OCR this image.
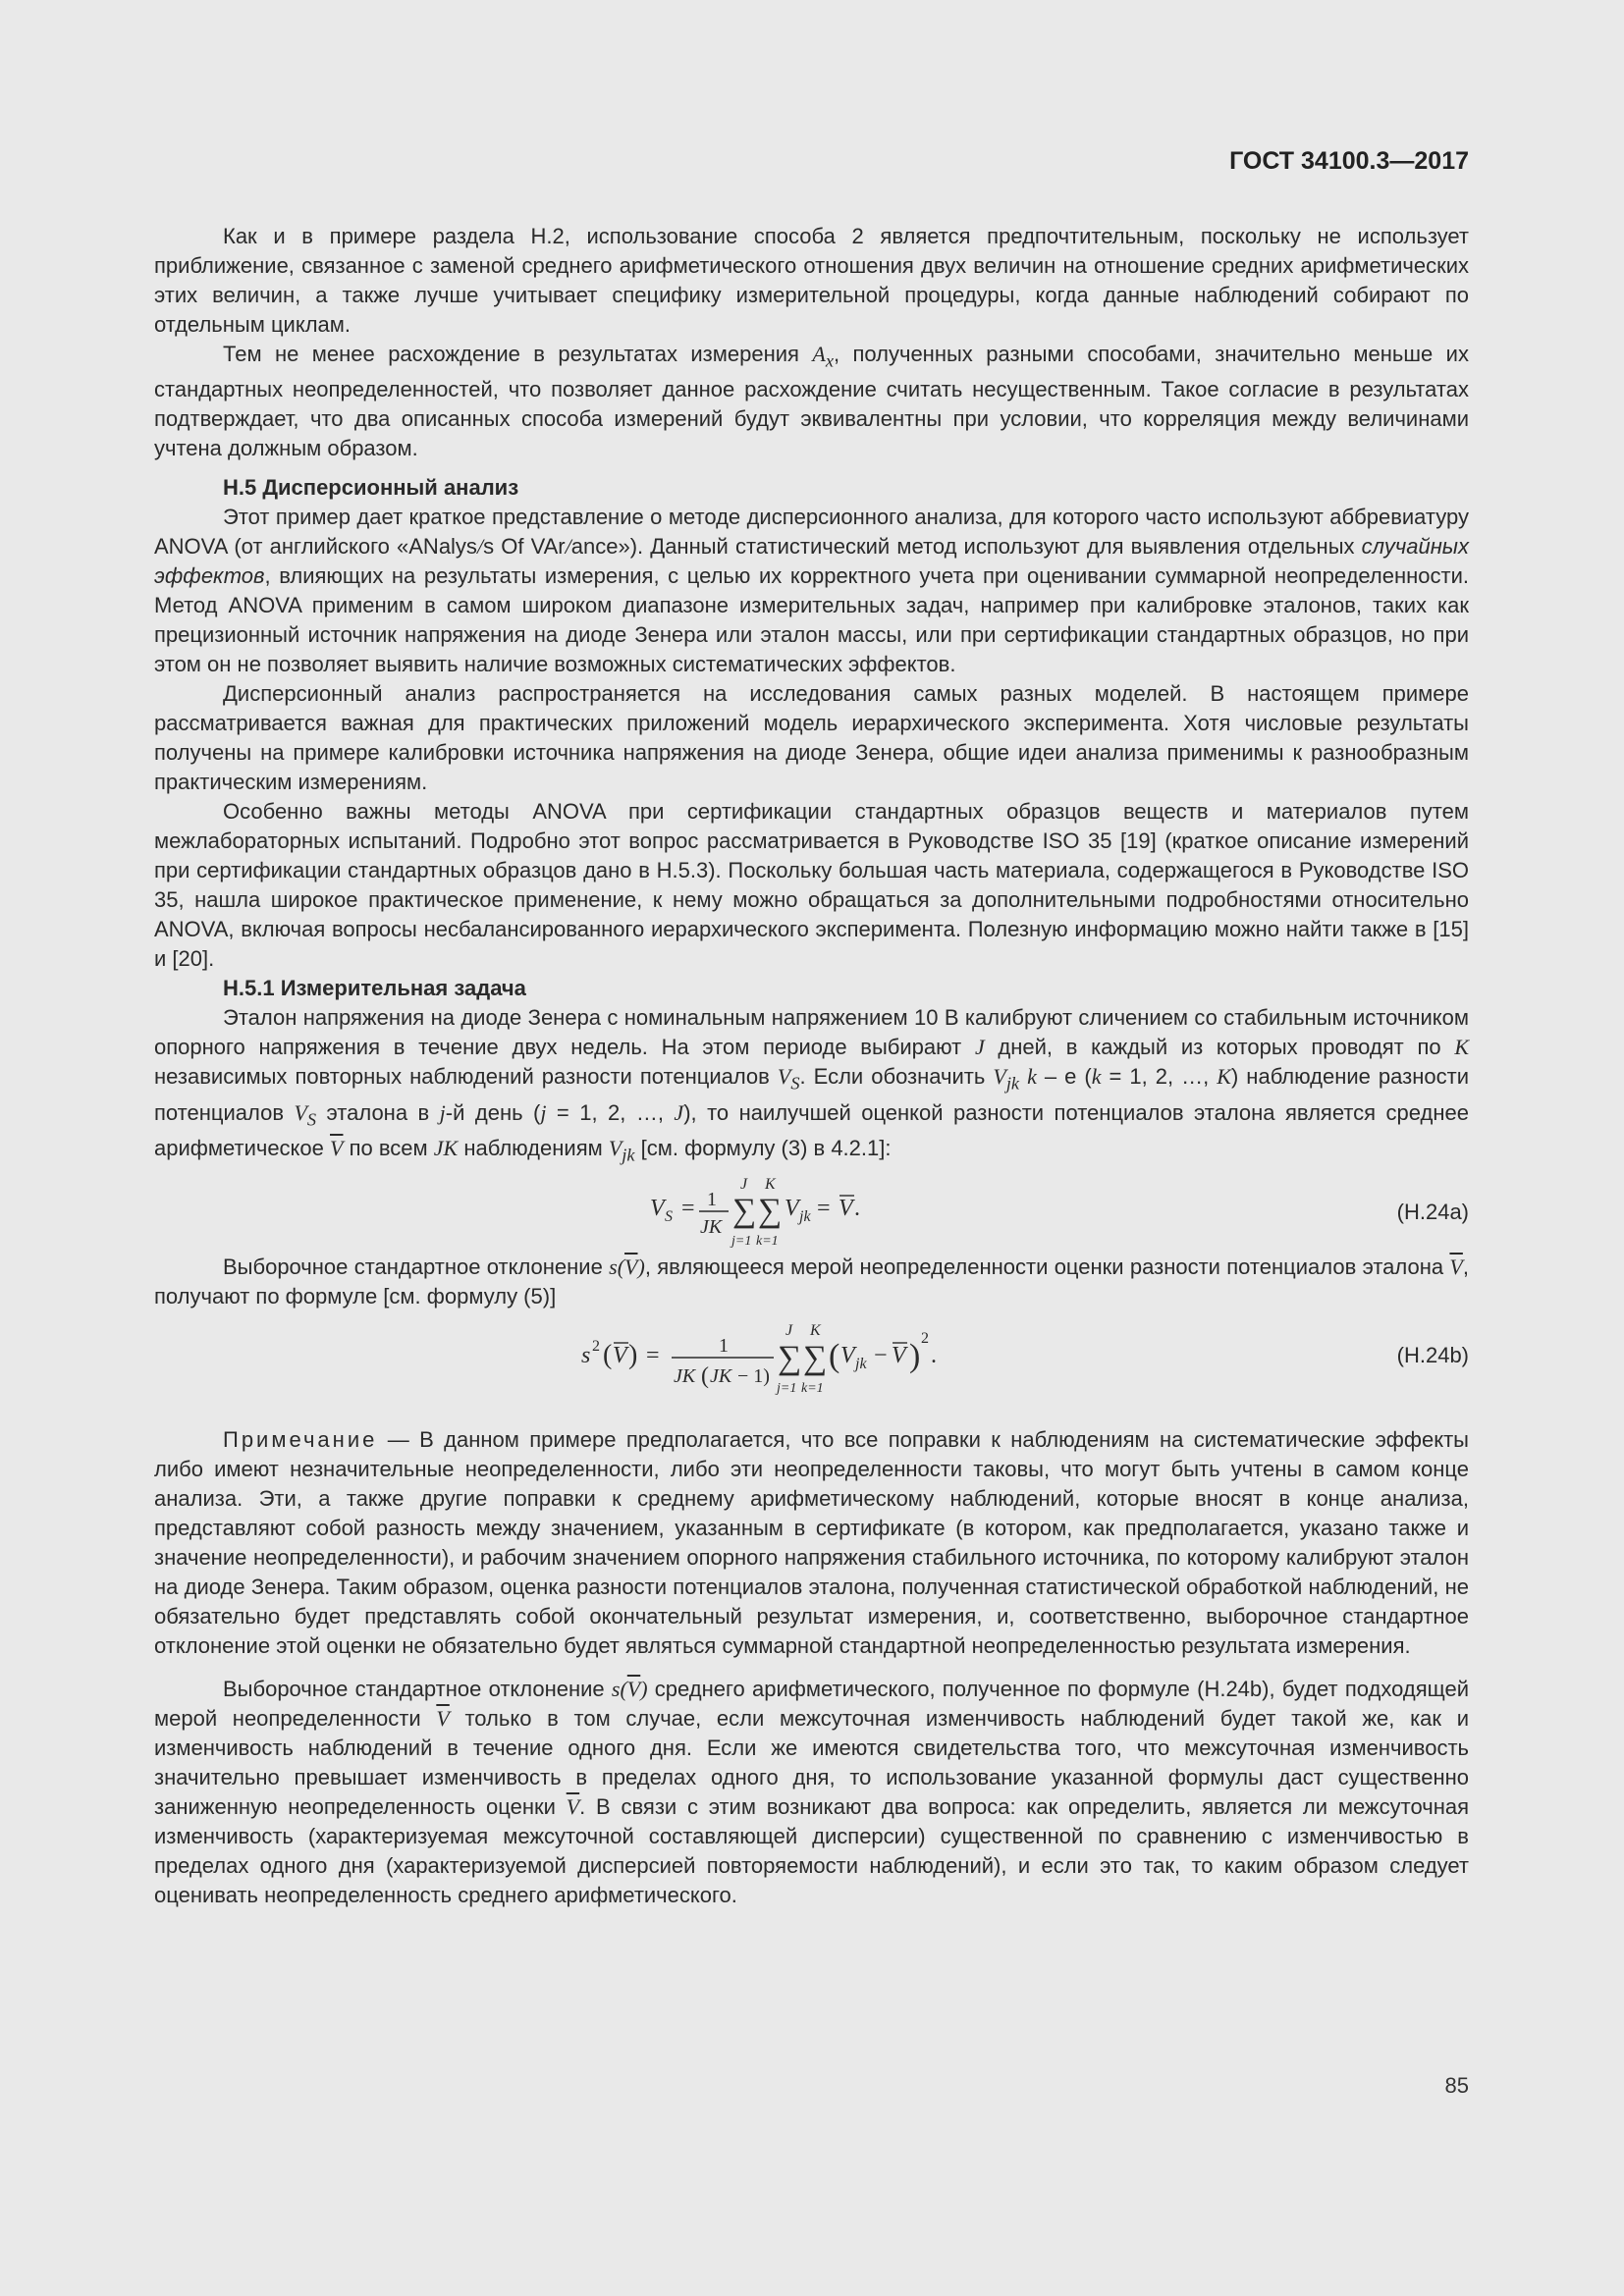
ГОСТ 34100.3—2017

Как и в примере раздела Н.2, использование способа 2 является предпочтительным, поскольку не использует приближение, связанное с заменой среднего арифметического отношения двух величин на отношение средних арифметических этих величин, а также лучше учитывает специфику измерительной процедуры, когда данные наблюдений собирают по отдельным циклам.

Тем не менее расхождение в результатах измерения $A_x$, полученных разными способами, значительно меньше их стандартных неопределенностей, что позволяет данное расхождение считать несущественным. Такое согласие в результатах подтверждает, что два описанных способа измерений будут эквивалентны при условии, что корреляция между величинами учтена должным образом.

Н.5 Дисперсионный анализ

Этот пример дает краткое представление о методе дисперсионного анализа, для которого часто используют аббревиатуру ANOVA (от английского «ANalys/s Of VAr/ance»). Данный статистический метод используют для выявления отдельных случайных эффектов, влияющих на результаты измерения, с целью их корректного учета при оценивании суммарной неопределенности. Метод ANOVA применим в самом широком диапазоне измерительных задач, например при калибровке эталонов, таких как прецизионный источник напряжения на диоде Зенера или эталон массы, или при сертификации стандартных образцов, но при этом он не позволяет выявить наличие возможных систематических эффектов.

Дисперсионный анализ распространяется на исследования самых разных моделей. В настоящем примере рассматривается важная для практических приложений модель иерархического эксперимента. Хотя числовые результаты получены на примере калибровки источника напряжения на диоде Зенера, общие идеи анализа применимы к разнообразным практическим измерениям.

Особенно важны методы ANOVA при сертификации стандартных образцов веществ и материалов путем межлабораторных испытаний. Подробно этот вопрос рассматривается в Руководстве ISO 35 [19] (краткое описание измерений при сертификации стандартных образцов дано в Н.5.3). Поскольку большая часть материала, содержащегося в Руководстве ISO 35, нашла широкое практическое применение, к нему можно обращаться за дополнительными подробностями относительно ANOVA, включая вопросы несбалансированного иерархического эксперимента. Полезную информацию можно найти также в [15] и [20].

Н.5.1 Измерительная задача

Эталон напряжения на диоде Зенера с номинальным напряжением 10 В калибруют сличением со стабильным источником опорного напряжения в течение двух недель. На этом периоде выбирают J дней, в каждый из которых проводят по K независимых повторных наблюдений разности потенциалов $V_S$. Если обозначить $V_{jk}$ k – е (k = 1, 2, …, K) наблюдение разности потенциалов $V_S$ эталона в j-й день (j = 1, 2, …, J), то наилучшей оценкой разности потенциалов эталона является среднее арифметическое $\overline{V}$ по всем JK наблюдениям $V_{jk}$ [см. формулу (3) в 4.2.1]:

V S = 1
JK ∑
J
j=1
∑
K
k=1
V jk = V .	(Н.24a)

Выборочное стандартное отклонение $s(\overline{V})$, являющееся мерой неопределенности оценки разности потенциалов эталона $\overline{V}$, получают по формуле [см. формулу (5)]

s 2 ( V ) =	1
JK ( JK − 1) ∑
J
j=1
∑
K
k=1
( V jk − V ) 2
.	(Н.24b)

Примечание — В данном примере предполагается, что все поправки к наблюдениям на систематические эффекты либо имеют незначительные неопределенности, либо эти неопределенности таковы, что могут быть учтены в самом конце анализа. Эти, а также другие поправки к среднему арифметическому наблюдений, которые вносят в конце анализа, представляют собой разность между значением, указанным в сертификате (в котором, как предполагается, указано также и значение неопределенности), и рабочим значением опорного напряжения стабильного источника, по которому калибруют эталон на диоде Зенера. Таким образом, оценка разности потенциалов эталона, полученная статистической обработкой наблюдений, не обязательно будет представлять собой окончательный результат измерения, и, соответственно, выборочное стандартное отклонение этой оценки не обязательно будет являться суммарной стандартной неопределенностью результата измерения.

Выборочное стандартное отклонение $s(\overline{V})$ среднего арифметического, полученное по формуле (Н.24b), будет подходящей мерой неопределенности $\overline{V}$ только в том случае, если межсуточная изменчивость наблюдений будет такой же, как и изменчивость наблюдений в течение одного дня. Если же имеются свидетельства того, что межсуточная изменчивость значительно превышает изменчивость в пределах одного дня, то использование указанной формулы даст существенно заниженную неопределенность оценки $\overline{V}$. В связи с этим возникают два вопроса: как определить, является ли межсуточная изменчивость (характеризуемая межсуточной составляющей дисперсии) существенной по сравнению с изменчивостью в пределах одного дня (характеризуемой дисперсией повторяемости наблюдений), и если это так, то каким образом следует оценивать неопределенность среднего арифметического.

85
